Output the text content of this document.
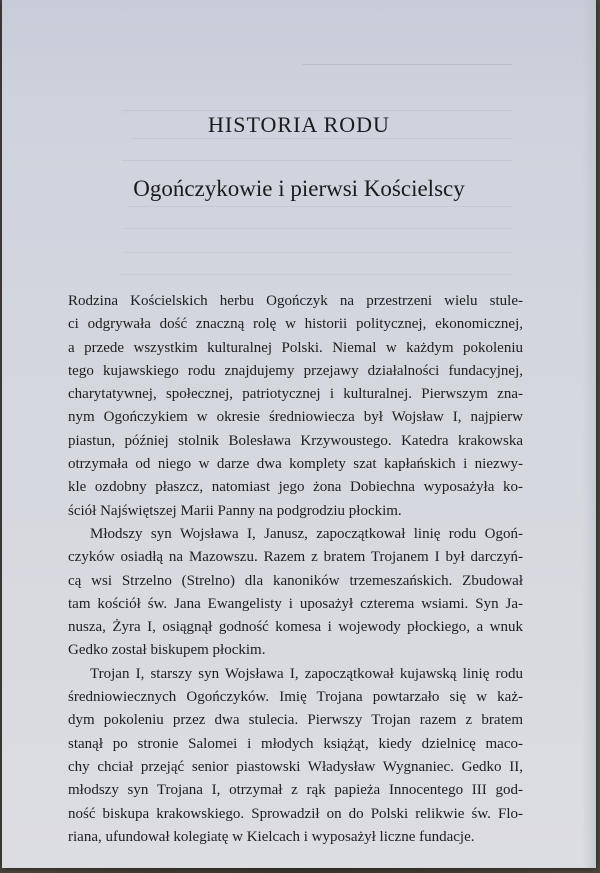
HISTORIA RODU
Ogończykowie i pierwsi Kościelscy
Rodzina Kościelskich herbu Ogończyk na przestrzeni wielu stule-
ci odgrywała dość znaczną rolę w historii politycznej, ekonomicznej,
a przede wszystkim kulturalnej Polski. Niemal w każdym pokoleniu
tego kujawskiego rodu znajdujemy przejawy działalności fundacyjnej,
charytatywnej, społecznej, patriotycznej i kulturalnej. Pierwszym zna-
nym Ogończykiem w okresie średniowiecza był Wojsław I, najpierw
piastun, później stolnik Bolesława Krzywoustego. Katedra krakowska
otrzymała od niego w darze dwa komplety szat kapłańskich i niezwy-
kle ozdobny płaszcz, natomiast jego żona Dobiechna wyposażyła ko-
ściół Najświętszej Marii Panny na podgrodziu płockim.
Młodszy syn Wojsława I, Janusz, zapoczątkował linię rodu Ogoń-
czyków osiadłą na Mazowszu. Razem z bratem Trojanem I był darczyń-
cą wsi Strzelno (Strelno) dla kanoników trzemeszańskich. Zbudował
tam kościół św. Jana Ewangelisty i uposażył czterema wsiami. Syn Ja-
nusza, Żyra I, osiągnął godność komesa i wojewody płockiego, a wnuk
Gedko został biskupem płockim.
Trojan I, starszy syn Wojsława I, zapoczątkował kujawską linię rodu
średniowiecznych Ogończyków. Imię Trojana powtarzało się w każ-
dym pokoleniu przez dwa stulecia. Pierwszy Trojan razem z bratem
stanął po stronie Salomei i młodych książąt, kiedy dzielnicę maco-
chy chciał przejąć senior piastowski Władysław Wygnaniec. Gedko II,
młodszy syn Trojana I, otrzymał z rąk papieża Innocentego III god-
ność biskupa krakowskiego. Sprowadził on do Polski relikwie św. Flo-
riana, ufundował kolegiatę w Kielcach i wyposażył liczne fundacje.
